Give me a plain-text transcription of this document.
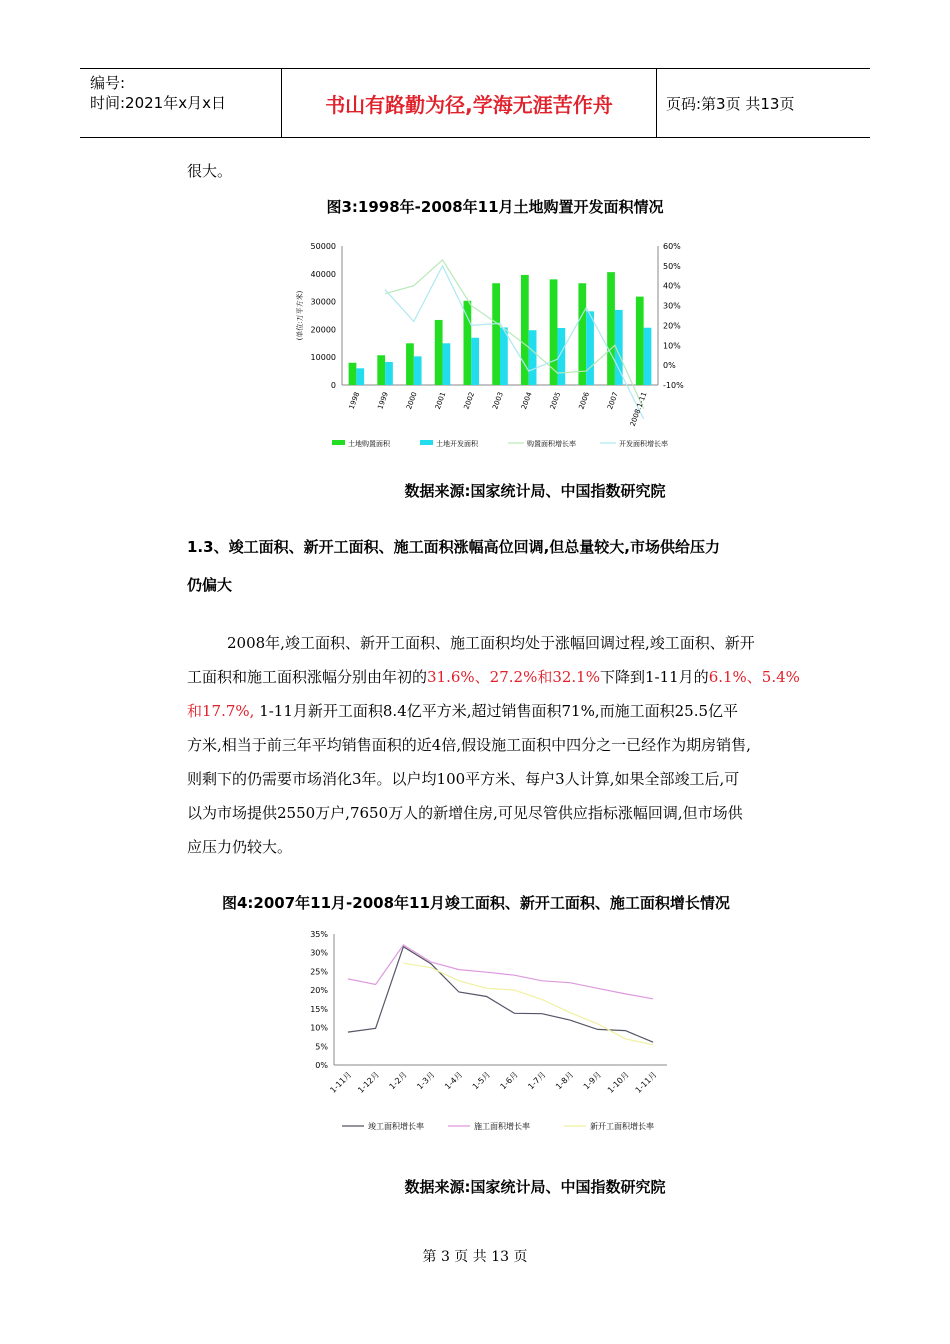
编号:
时间:2021年x月x日	书山有路勤为径,学海无涯苦作舟	页码:第3页 共13页
很大。
图3:1998年-2008年11月土地购置开发面积情况
0
10000
20000
30000
40000
50000
-10%
0%
10%
20%
30%
40%
50%
60%
(单位:万平方米)
1998 1999 2000 2001 2002 2003 2004 2005 2006 2007 2008.1-11
土地购置面积	土地开发面积	购置面积增长率	开发面积增长率
数据来源:国家统计局、中国指数研究院
1.3、竣工面积、新开工面积、施工面积涨幅高位回调,但总量较大,市场供给压力
仍偏大
2008年,竣工面积、新开工面积、施工面积均处于涨幅回调过程,竣工面积、新开
工面积和施工面积涨幅分别由年初的31.6%、27.2%和32.1%下降到1-11月的6.1%、5.4%
和17.7%, 1-11月新开工面积8.4亿平方米,超过销售面积71%,而施工面积25.5亿平
方米,相当于前三年平均销售面积的近4倍,假设施工面积中四分之一已经作为期房销售,
则剩下的仍需要市场消化3年。以户均100平方米、每户3人计算,如果全部竣工后,可
以为市场提供2550万户,7650万人的新增住房,可见尽管供应指标涨幅回调,但市场供
应压力仍较大。
图4:2007年11月-2008年11月竣工面积、新开工面积、施工面积增长情况
0%
5%
10%
15%
20%
25%
30%
35%
1-11月 1-12月 1-2月 1-3月 1-4月 1-5月 1-6月 1-7月 1-8月 1-9月 1-10月 1-11月
竣工面积增长率	施工面积增长率	新开工面积增长率
数据来源:国家统计局、中国指数研究院
第 3 页 共 13 页
